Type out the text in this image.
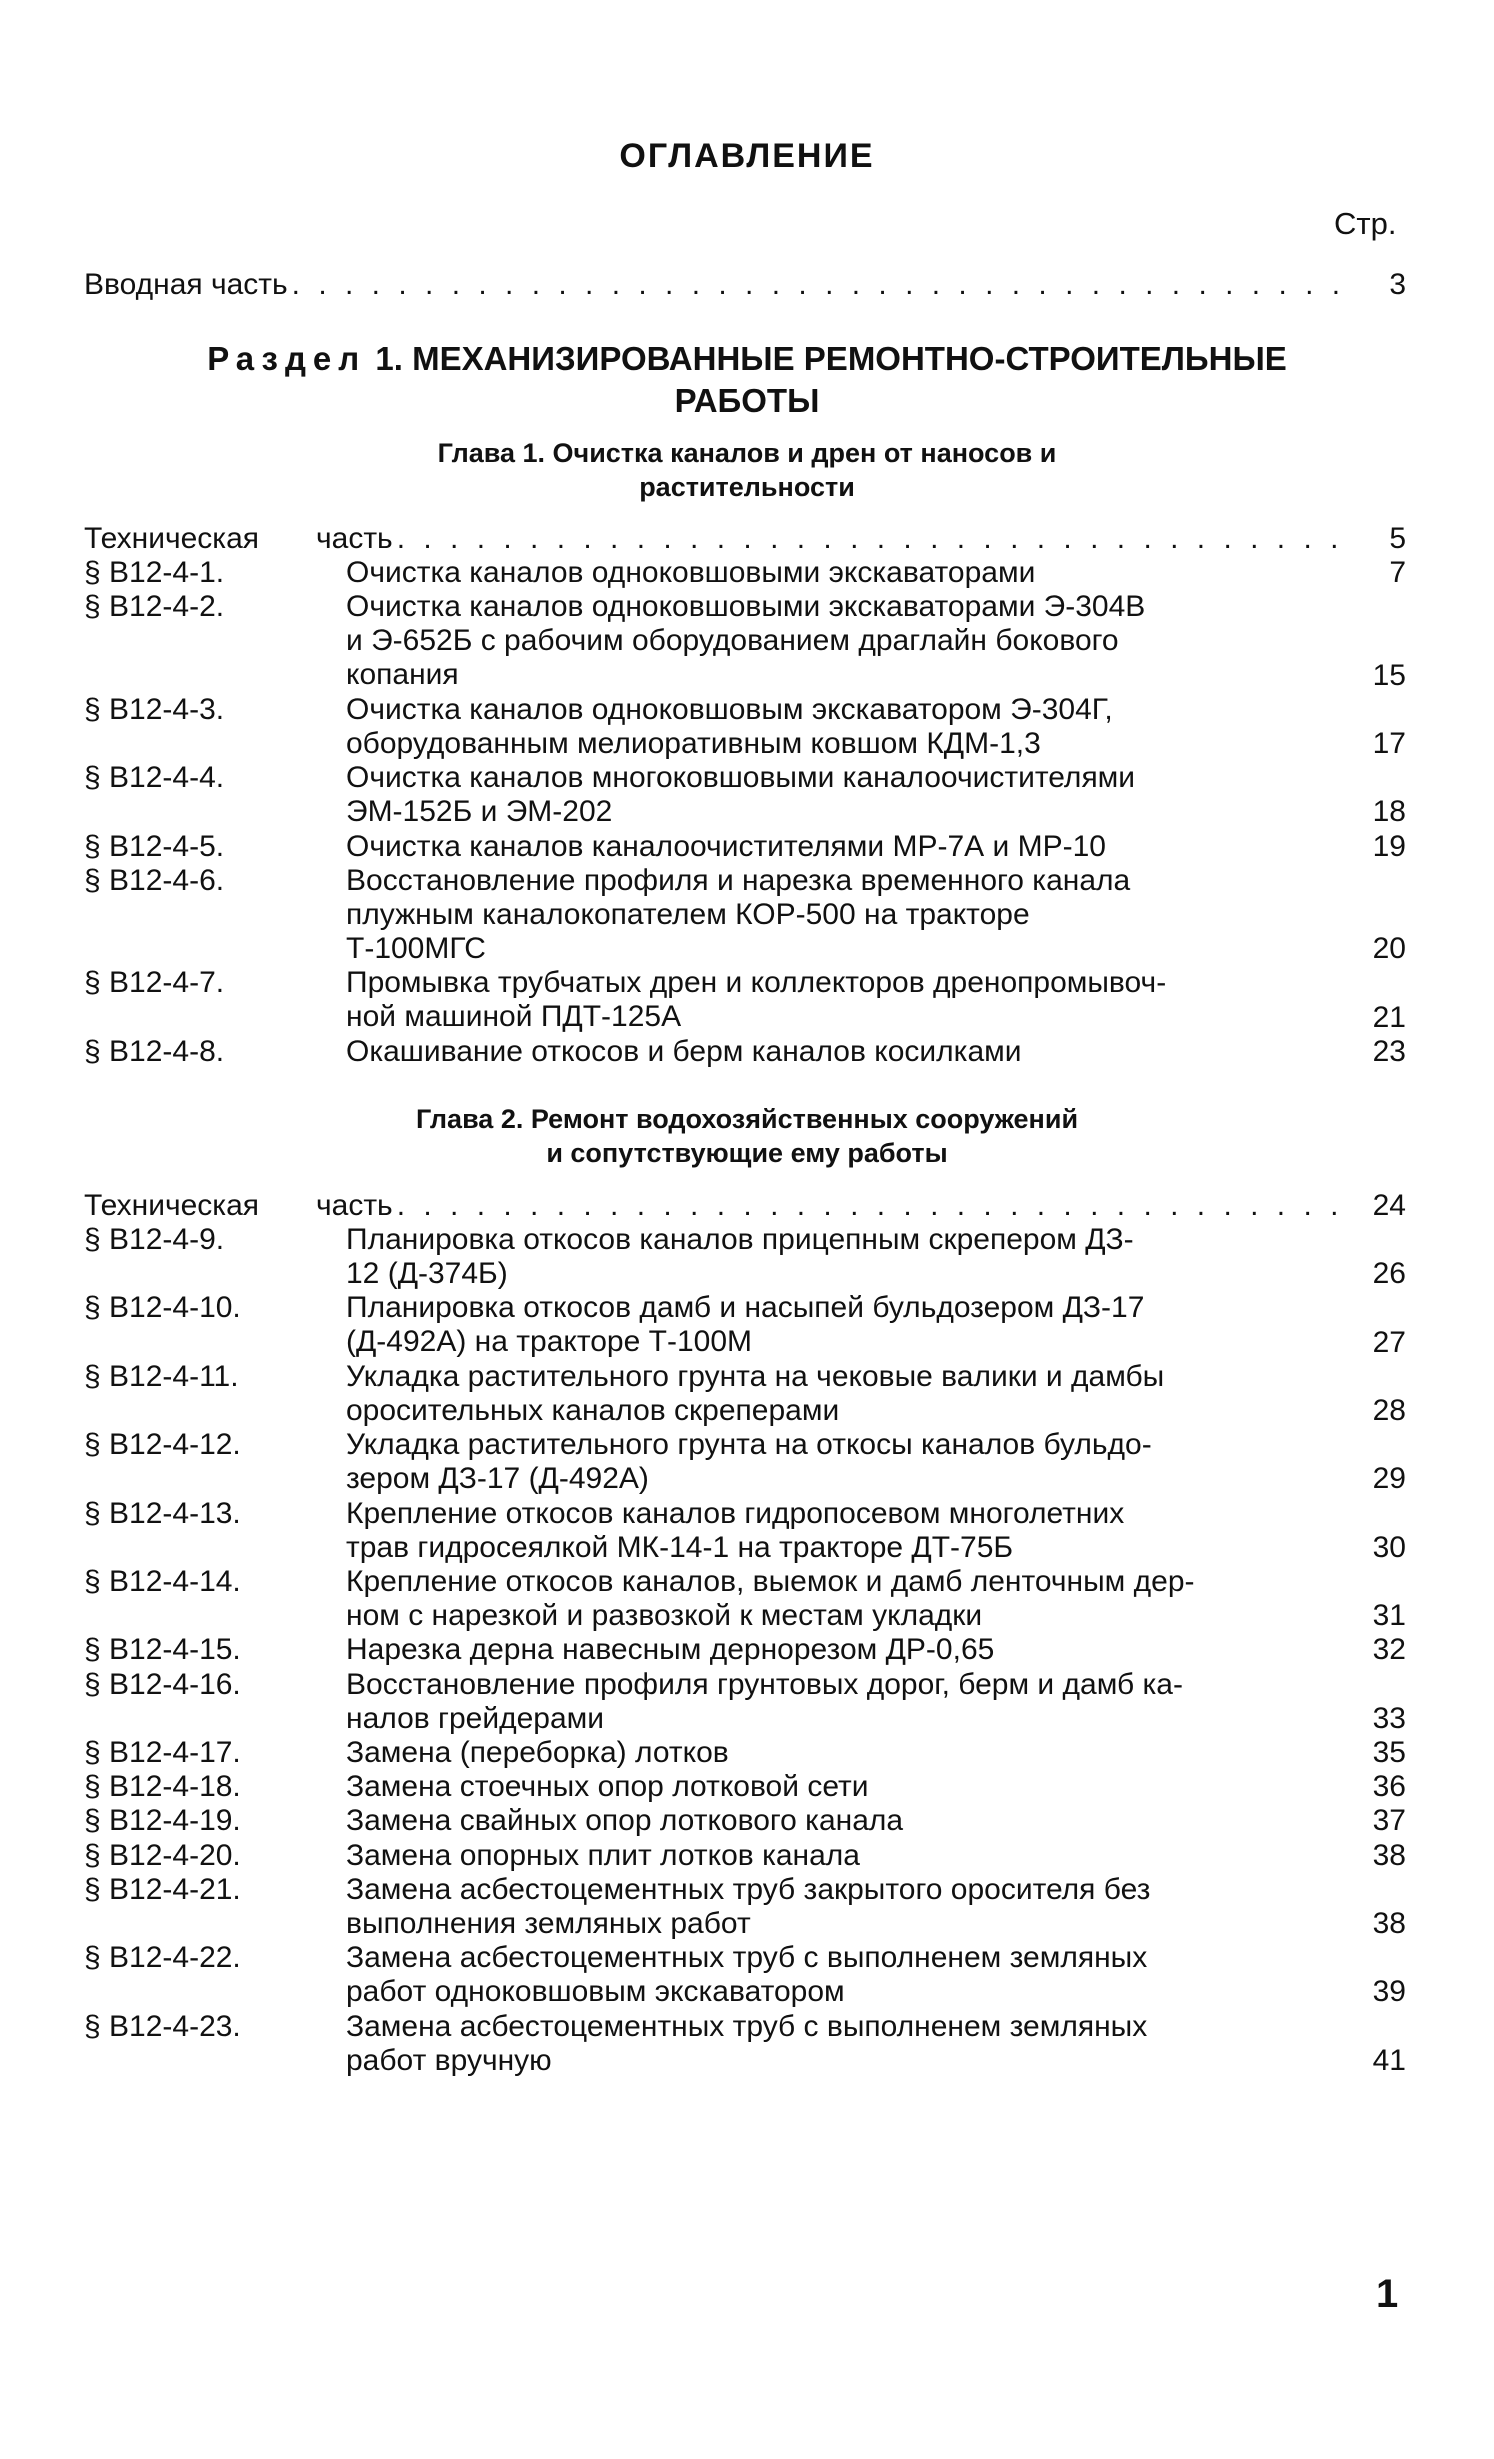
ОГЛАВЛЕНИЕ
Стр.
Вводная часть . . .	3
Раздел 1. МЕХАНИЗИРОВАННЫЕ РЕМОНТНО-СТРОИТЕЛЬНЫЕ
РАБОТЫ
Глава 1. Очистка каналов и дрен от наносов и
растительности
Техническая часть . . .	5
§ В12-4-1.	Очистка каналов одноковшовыми экскаваторами	7
§ В12-4-2.	Очистка каналов одноковшовыми экскаваторами Э-304В
и Э-652Б с рабочим оборудованием драглайн бокового
копания	15
§ В12-4-3.	Очистка каналов одноковшовым экскаватором Э-304Г,
оборудованным мелиоративным ковшом КДМ-1,3	17
§ В12-4-4.	Очистка каналов многоковшовыми каналоочистителями
ЭМ-152Б и ЭМ-202	18
§ В12-4-5.	Очистка каналов каналоочистителями МР-7А и МР-10	19
§ В12-4-6.	Восстановление профиля и нарезка временного канала
плужным каналокопателем КОР-500 на тракторе
Т-100МГС	20
§ В12-4-7.	Промывка трубчатых дрен и коллекторов дренопромывоч-
ной машиной ПДТ-125А	21
§ В12-4-8.	Окашивание откосов и берм каналов косилками	23
Глава 2. Ремонт водохозяйственных сооружений
и сопутствующие ему работы
Техническая часть . . .	24
§ В12-4-9.	Планировка откосов каналов прицепным скрепером ДЗ-
12 (Д-374Б)	26
§ В12-4-10.	Планировка откосов дамб и насыпей бульдозером ДЗ-17
(Д-492А) на тракторе Т-100М	27
§ В12-4-11.	Укладка растительного грунта на чековые валики и дамбы
оросительных каналов скреперами	28
§ В12-4-12.	Укладка растительного грунта на откосы каналов бульдо-
зером ДЗ-17 (Д-492А)	29
§ В12-4-13.	Крепление откосов каналов гидропосевом многолетних
трав гидросеялкой МК-14-1 на тракторе ДТ-75Б	30
§ В12-4-14.	Крепление откосов каналов, выемок и дамб ленточным дер-
ном с нарезкой и развозкой к местам укладки	31
§ В12-4-15.	Нарезка дерна навесным дернорезом ДР-0,65	32
§ В12-4-16.	Восстановление профиля грунтовых дорог, берм и дамб ка-
налов грейдерами	33
§ В12-4-17.	Замена (переборка) лотков	35
§ В12-4-18.	Замена стоечных опор лотковой сети	36
§ В12-4-19.	Замена свайных опор лоткового канала	37
§ В12-4-20.	Замена опорных плит лотков канала	38
§ В12-4-21.	Замена асбестоцементных труб закрытого оросителя без
выполнения земляных работ	38
§ В12-4-22.	Замена асбестоцементных труб с выполненем земляных
работ одноковшовым экскаватором	39
§ В12-4-23.	Замена асбестоцементных труб с выполненем земляных
работ вручную	41
1
